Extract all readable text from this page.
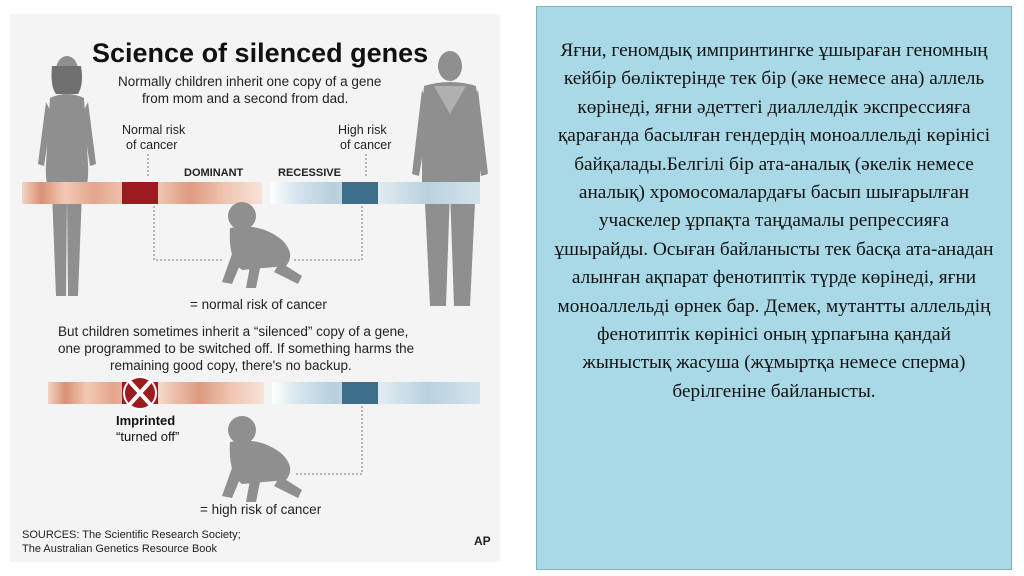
Science of silenced genes
Normally children inherit one copy of a gene
from mom and a second from dad.
Normal risk
of cancer
High risk
of cancer
DOMINANT	RECESSIVE
= normal risk of cancer
But children sometimes inherit a “silenced” copy of a gene,
one programmed to be switched off. If something harms the
remaining good copy, there's no backup.
Imprinted
“turned off”
= high risk of cancer
SOURCES: The Scientific Research Society;
The Australian Genetics Resource Book
AP

Яғни, геномдық импринтингке ұшыраған геномның кейбір бөліктерінде тек бір (әке немесе ана) аллель көрінеді, яғни әдеттегі диаллелдік экспрессияға қарағанда басылған гендердің моноаллельді көрінісі байқалады.Белгілі бір ата-аналық (әкелік немесе аналық) хромосомалардағы басып шығарылған учаскелер ұрпақта таңдамалы репрессияға ұшырайды. Осыған байланысты тек басқа ата-анадан алынған ақпарат фенотиптік түрде көрінеді, яғни моноаллельді өрнек бар. Демек, мутантты аллельдің фенотиптік көрінісі оның ұрпағына қандай жыныстық жасуша (жұмыртқа немесе сперма) берілгеніне байланысты.
